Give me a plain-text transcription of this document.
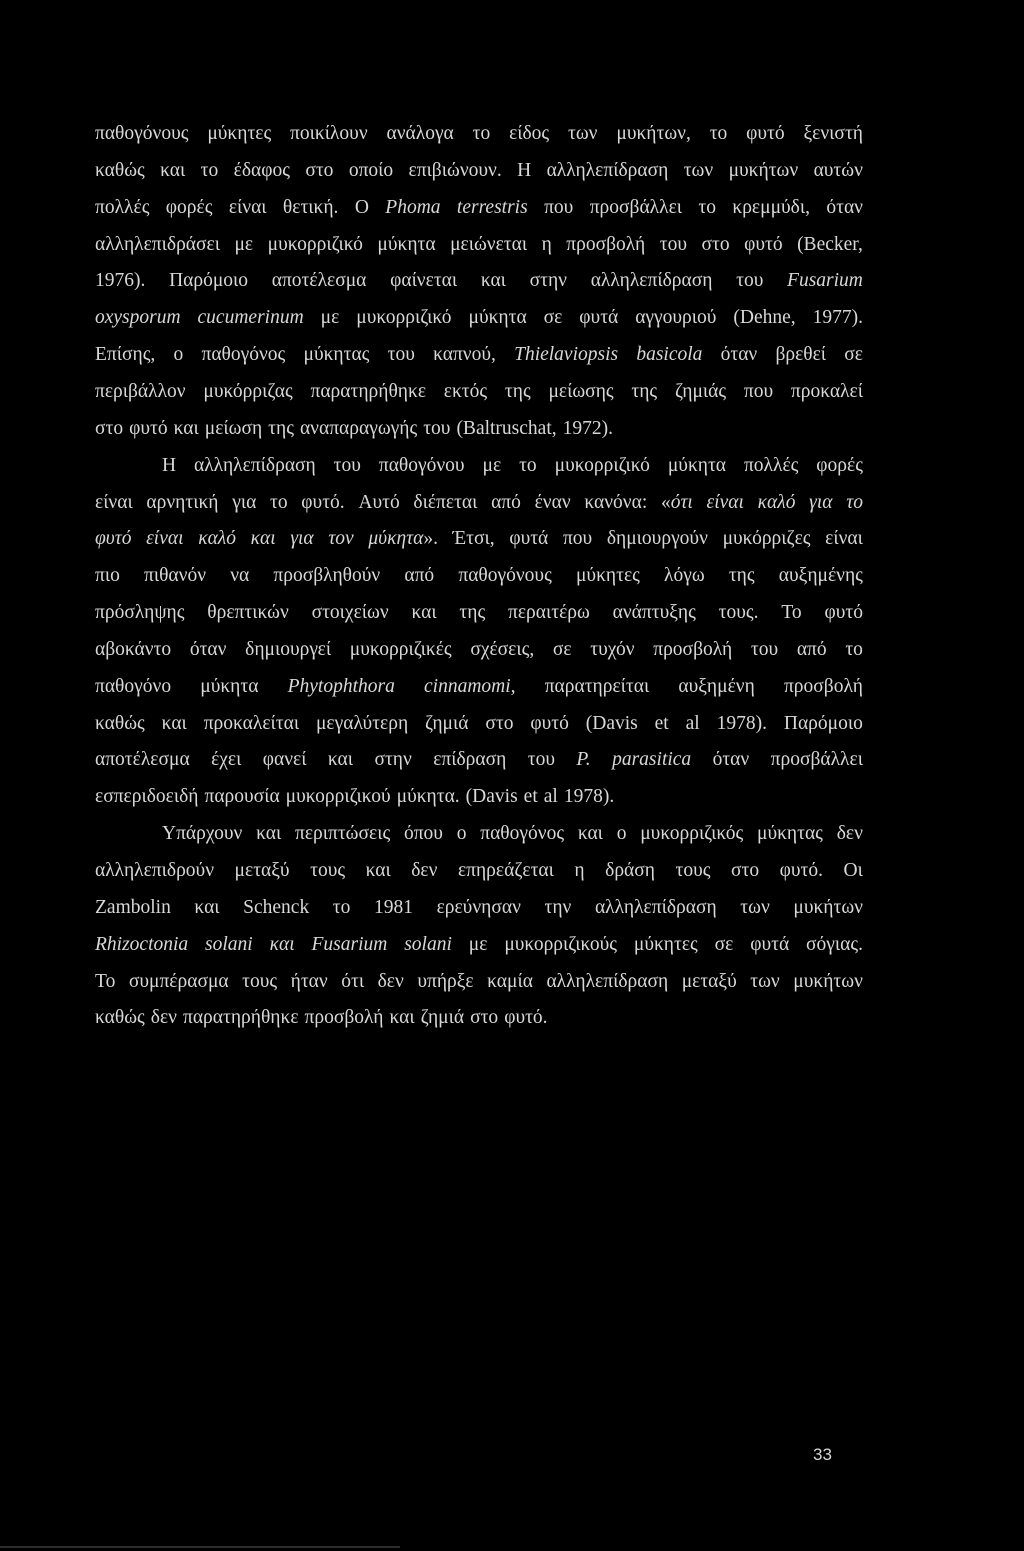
παθογόνους μύκητες ποικίλουν ανάλογα το είδος των μυκήτων, το φυτό ξενιστή
καθώς και το έδαφος στο οποίο επιβιώνουν. Η αλληλεπίδραση των μυκήτων αυτών
πολλές φορές είναι θετική. Ο Phoma terrestris που προσβάλλει το κρεμμύδι, όταν
αλληλεπιδράσει με μυκορριζικό μύκητα μειώνεται η προσβολή του στο φυτό (Becker,
1976). Παρόμοιο αποτέλεσμα φαίνεται και στην αλληλεπίδραση του Fusarium
oxysporum cucumerinum με μυκορριζικό μύκητα σε φυτά αγγουριού (Dehne, 1977).
Επίσης, ο παθογόνος μύκητας του καπνού, Thielaviopsis basicola όταν βρεθεί σε
περιβάλλον μυκόρριζας παρατηρήθηκε εκτός της μείωσης της ζημιάς που προκαλεί
στο φυτό και μείωση της αναπαραγωγής του (Baltruschat, 1972).
Η αλληλεπίδραση του παθογόνου με το μυκορριζικό μύκητα πολλές φορές
είναι αρνητική για το φυτό. Αυτό διέπεται από έναν κανόνα: «ότι είναι καλό για το
φυτό είναι καλό και για τον μύκητα». Έτσι, φυτά που δημιουργούν μυκόρριζες είναι
πιο πιθανόν να προσβληθούν από παθογόνους μύκητες λόγω της αυξημένης
πρόσληψης θρεπτικών στοιχείων και της περαιτέρω ανάπτυξης τους. Το φυτό
αβοκάντο όταν δημιουργεί μυκορριζικές σχέσεις, σε τυχόν προσβολή του από το
παθογόνο μύκητα Phytophthora cinnamomi, παρατηρείται αυξημένη προσβολή
καθώς και προκαλείται μεγαλύτερη ζημιά στο φυτό (Davis et al 1978). Παρόμοιο
αποτέλεσμα έχει φανεί και στην επίδραση του P. parasitica όταν προσβάλλει
εσπεριδοειδή παρουσία μυκορριζικού μύκητα. (Davis et al 1978).
Υπάρχουν και περιπτώσεις όπου ο παθογόνος και ο μυκορριζικός μύκητας δεν
αλληλεπιδρούν μεταξύ τους και δεν επηρεάζεται η δράση τους στο φυτό. Οι
Zambolin και Schenck το 1981 ερεύνησαν την αλληλεπίδραση των μυκήτων
Rhizoctonia solani και Fusarium solani με μυκορριζικούς μύκητες σε φυτά σόγιας.
Το συμπέρασμα τους ήταν ότι δεν υπήρξε καμία αλληλεπίδραση μεταξύ των μυκήτων
καθώς δεν παρατηρήθηκε προσβολή και ζημιά στο φυτό.
33
